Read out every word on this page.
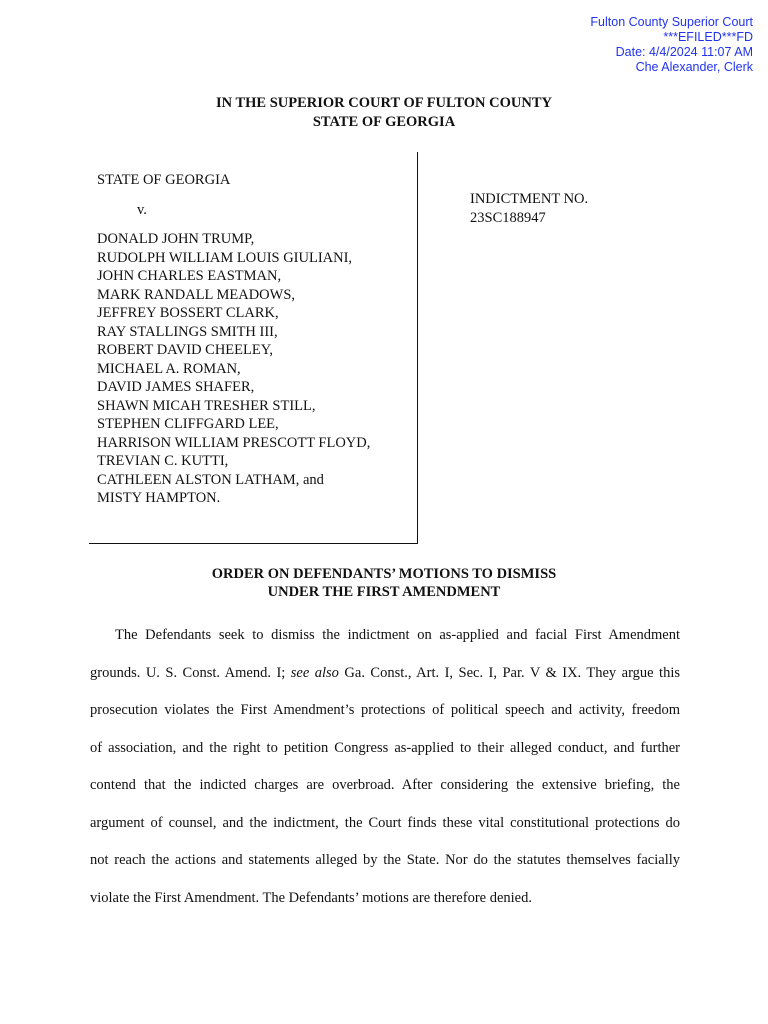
Fulton County Superior Court
***EFILED***FD
Date: 4/4/2024 11:07 AM
Che Alexander, Clerk
IN THE SUPERIOR COURT OF FULTON COUNTY
STATE OF GEORGIA
STATE OF GEORGIA
v.
DONALD JOHN TRUMP,
RUDOLPH WILLIAM LOUIS GIULIANI,
JOHN CHARLES EASTMAN,
MARK RANDALL MEADOWS,
JEFFREY BOSSERT CLARK,
RAY STALLINGS SMITH III,
ROBERT DAVID CHEELEY,
MICHAEL A. ROMAN,
DAVID JAMES SHAFER,
SHAWN MICAH TRESHER STILL,
STEPHEN CLIFFGARD LEE,
HARRISON WILLIAM PRESCOTT FLOYD,
TREVIAN C. KUTTI,
CATHLEEN ALSTON LATHAM, and
MISTY HAMPTON.
INDICTMENT NO.
23SC188947
ORDER ON DEFENDANTS’ MOTIONS TO DISMISS
UNDER THE FIRST AMENDMENT
The Defendants seek to dismiss the indictment on as-applied and facial First Amendment
grounds. U. S. Const. Amend. I; see also Ga. Const., Art. I, Sec. I, Par. V & IX. They argue this
prosecution violates the First Amendment’s protections of political speech and activity, freedom
of association, and the right to petition Congress as-applied to their alleged conduct, and further
contend that the indicted charges are overbroad. After considering the extensive briefing, the
argument of counsel, and the indictment, the Court finds these vital constitutional protections do
not reach the actions and statements alleged by the State. Nor do the statutes themselves facially
violate the First Amendment. The Defendants’ motions are therefore denied.
